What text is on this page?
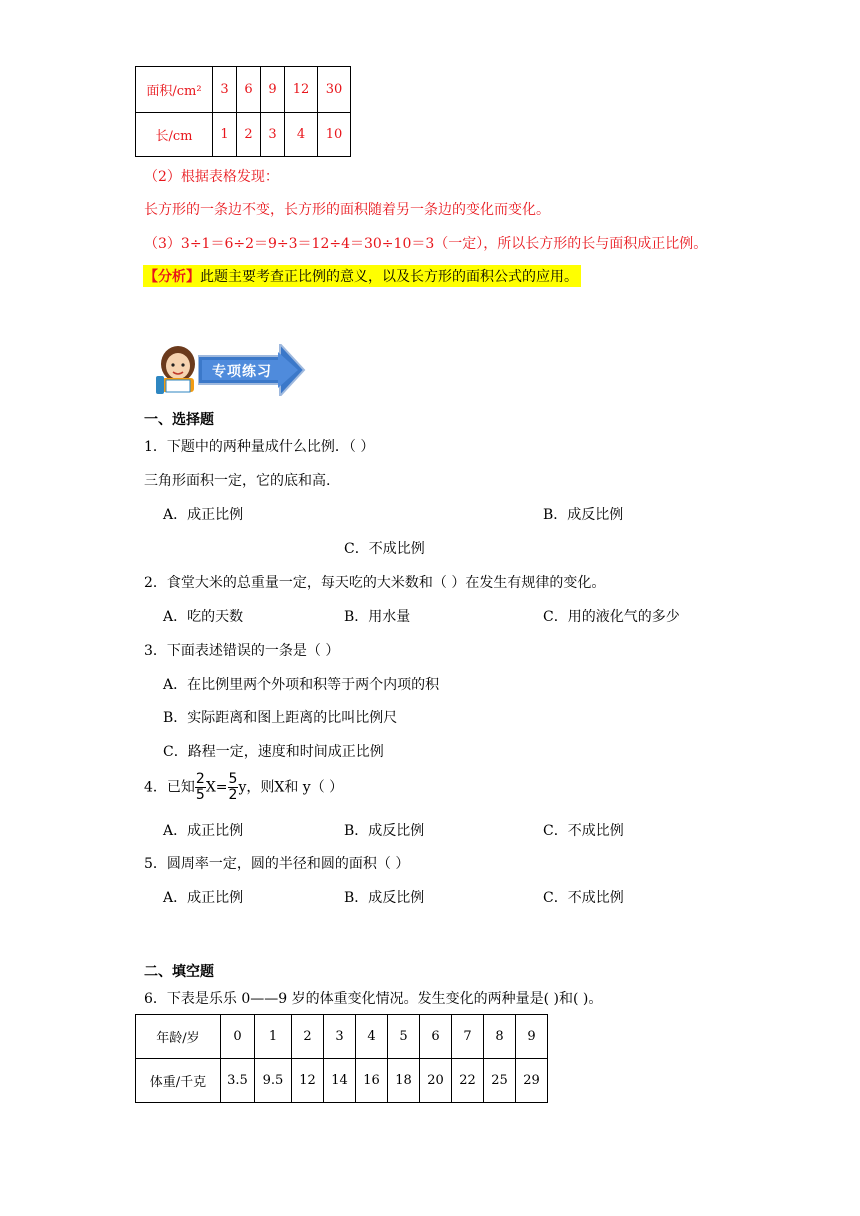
面积/cm²	3	6	9	12	30
长/cm	1	2	3	4	10
（2）根据表格发现：
长方形的一条边不变，长方形的面积随着另一条边的变化而变化。
（3）3÷1＝6÷2＝9÷3＝12÷4＝30÷10＝3（一定），所以长方形的长与面积成正比例。
【分析】此题主要考查正比例的意义，以及长方形的面积公式的应用。
专项练习
一、选择题
1．下题中的两种量成什么比例．（ ）
三角形面积一定，它的底和高.
A．成正比例	B．成反比例
C．不成比例
2．食堂大米的总重量一定，每天吃的大米数和（ ）在发生有规律的变化。
A．吃的天数	B．用水量	C．用的液化气的多少
3．下面表述错误的一条是（ ）
A．在比例里两个外项和积等于两个内项的积
B．实际距离和图上距离的比叫比例尺
C．路程一定，速度和时间成正比例
4．已知 $\frac{2}{5} X= \frac{5}{2}$ y，则X和 y（ ）
A．成正比例	B．成反比例	C．不成比例
5．圆周率一定，圆的半径和圆的面积（ ）
A．成正比例	B．成反比例	C．不成比例
二、填空题
6．下表是乐乐 0——9 岁的体重变化情况。发生变化的两种量是( )和( )。
年龄/岁	0	1	2	3	4	5	6	7	8	9
体重/千克	3.5	9.5	12	14	16	18	20	22	25	29
